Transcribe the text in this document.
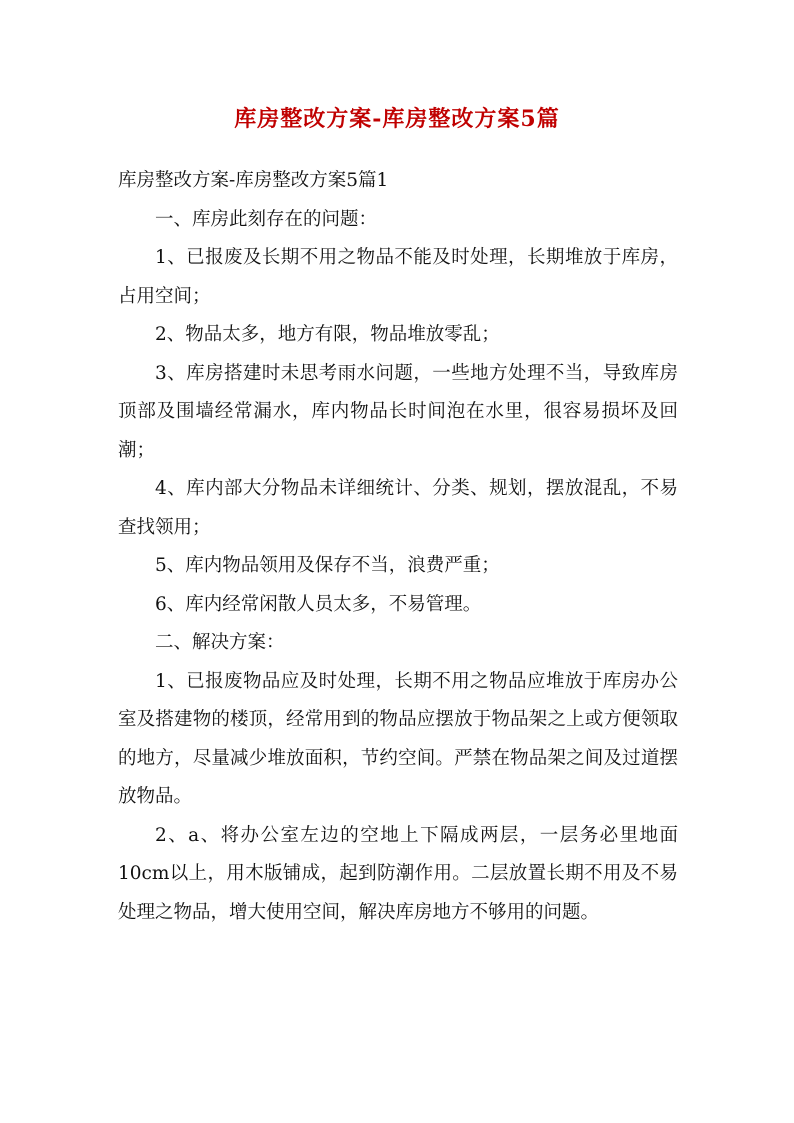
库房整改方案-库房整改方案5篇

库房整改方案-库房整改方案5篇1

一、库房此刻存在的问题：

1、已报废及长期不用之物品不能及时处理，长期堆放于库房，占用空间；

2、物品太多，地方有限，物品堆放零乱；

3、库房搭建时未思考雨水问题，一些地方处理不当，导致库房顶部及围墙经常漏水，库内物品长时间泡在水里，很容易损坏及回潮；

4、库内部大分物品未详细统计、分类、规划，摆放混乱，不易查找领用；

5、库内物品领用及保存不当，浪费严重；

6、库内经常闲散人员太多，不易管理。

二、解决方案：

1、已报废物品应及时处理，长期不用之物品应堆放于库房办公室及搭建物的楼顶，经常用到的物品应摆放于物品架之上或方便领取的地方，尽量减少堆放面积，节约空间。严禁在物品架之间及过道摆放物品。

2、a、将办公室左边的空地上下隔成两层，一层务必里地面10cm以上，用木版铺成，起到防潮作用。二层放置长期不用及不易处理之物品，增大使用空间，解决库房地方不够用的问题。
